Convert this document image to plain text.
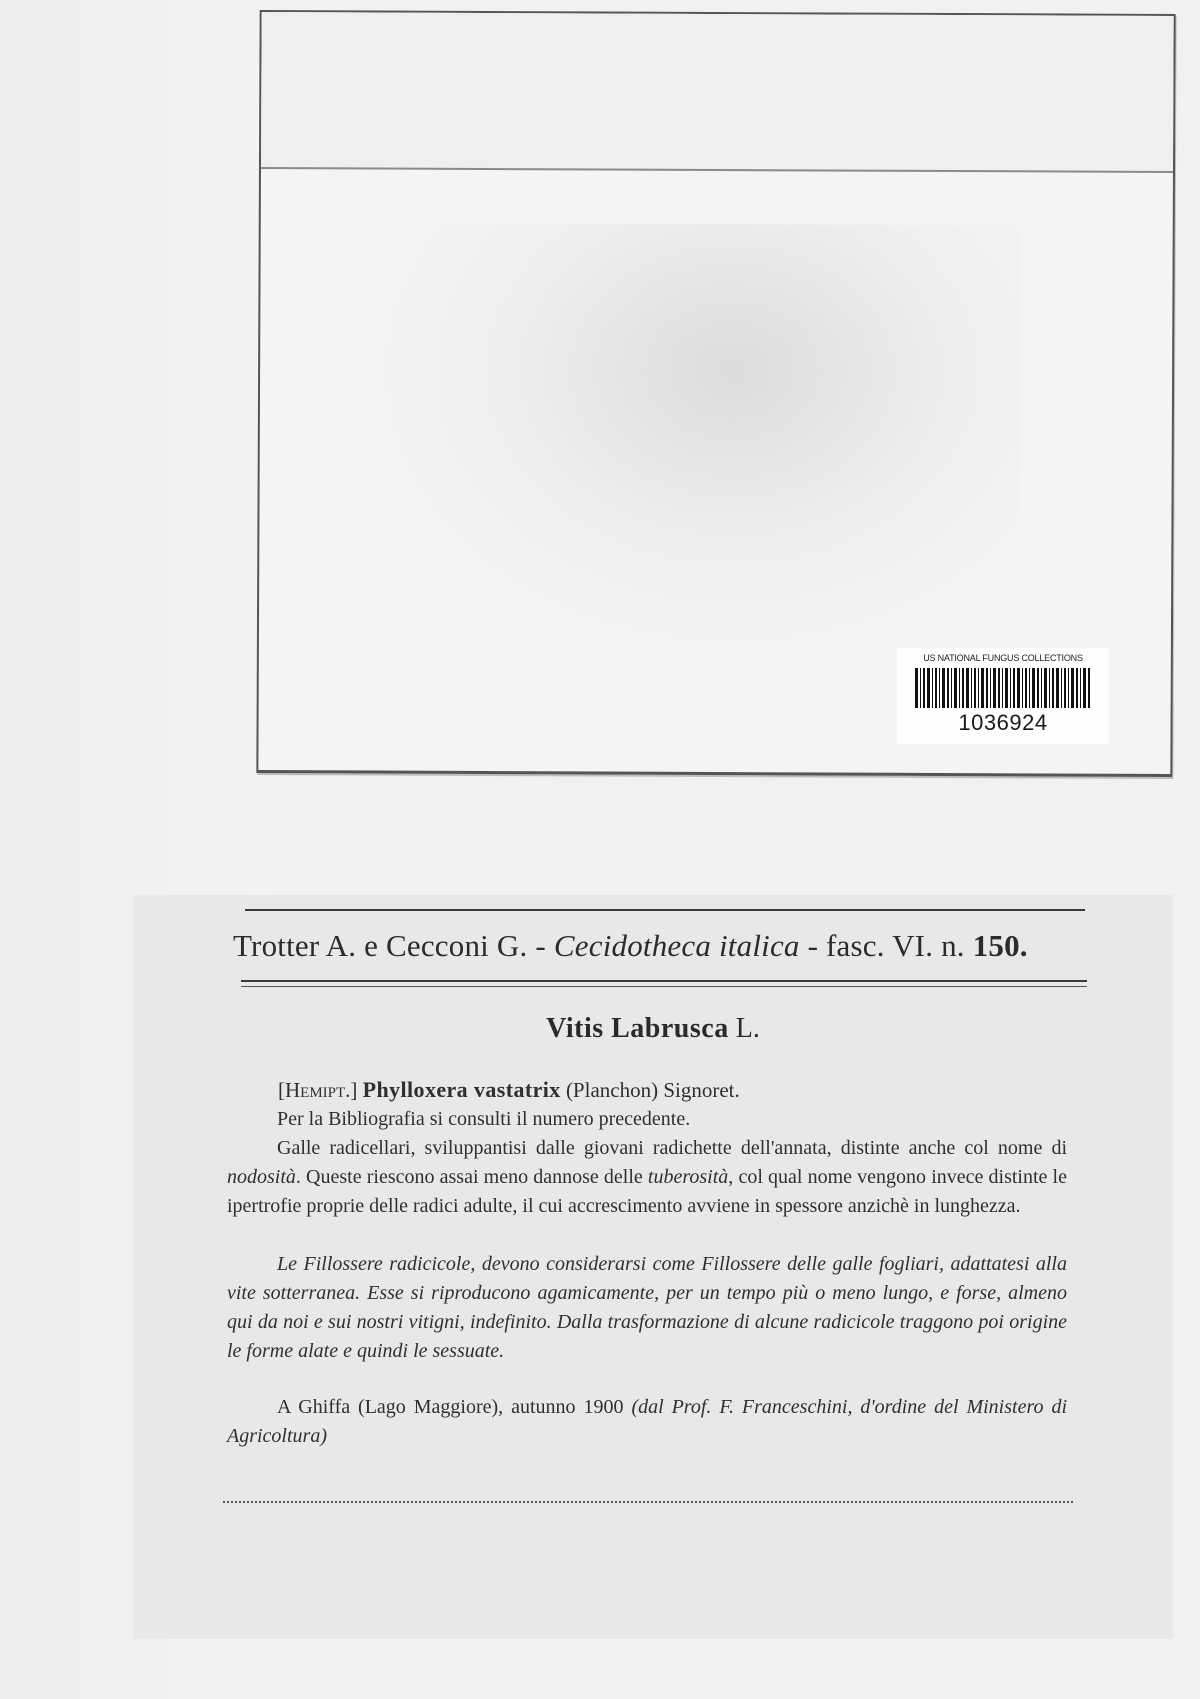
US NATIONAL FUNGUS COLLECTIONS
1036924
Trotter A. e Cecconi G. - Cecidotheca italica - fasc. VI. n. 150.
Vitis Labrusca L.
[Hemipt.] Phylloxera vastatrix (Planchon) Signoret.
Per la Bibliografia si consulti il numero precedente.
Galle radicellari, sviluppantisi dalle giovani radichette dell'annata, distinte anche col nome di nodosità. Queste riescono assai meno dannose delle tuberosità, col qual nome vengono invece distinte le ipertrofie proprie delle radici adulte, il cui accrescimento avviene in spessore anzichè in lunghezza.
Le Fillossere radicicole, devono considerarsi come Fillossere delle galle fogliari, adattatesi alla vite sotterranea. Esse si riproducono agamicamente, per un tempo più o meno lungo, e forse, almeno qui da noi e sui nostri vitigni, indefinito. Dalla trasformazione di alcune radicicole traggono poi origine le forme alate e quindi le sessuate.
A Ghiffa (Lago Maggiore), autunno 1900 (dal Prof. F. Franceschini, d'ordine del Ministero di Agricoltura)
